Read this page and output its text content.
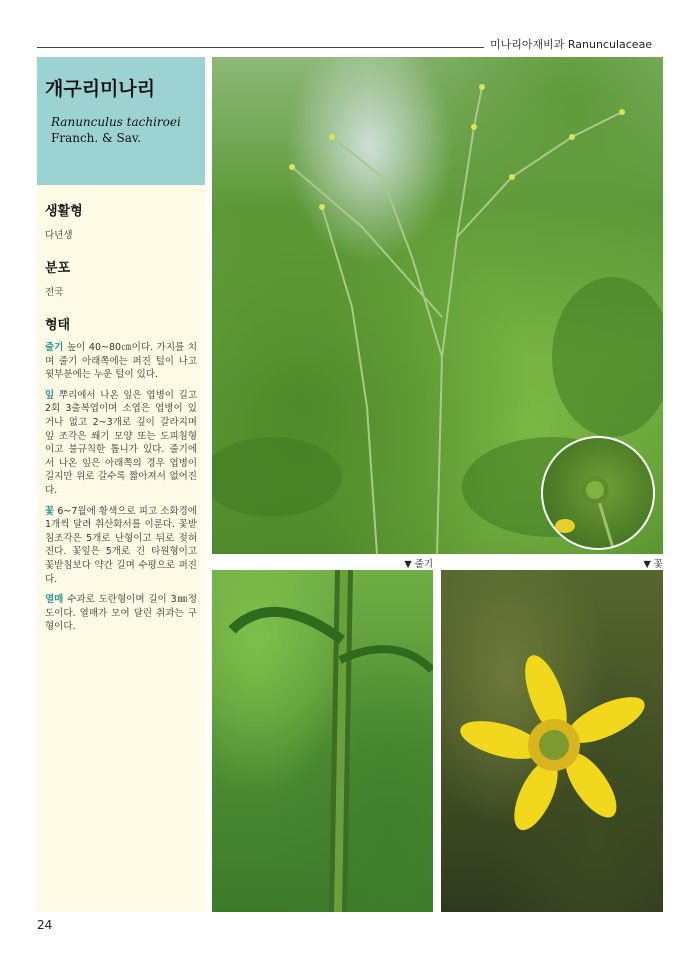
미나리아재비과 Ranunculaceae
개구리미나리
Ranunculus tachiroei
Franch. & Sav.
생활형

다년생

분포

전국

형태

줄기 높이 40~80㎝이다. 가지를 치며 줄기 아래쪽에는 퍼진 털이 나고 윗부분에는 누운 털이 있다.

잎 뿌리에서 나온 잎은 엽병이 길고 2회 3출복엽이며 소엽은 엽병이 있거나 없고 2~3개로 깊이 갈라지며 잎 조각은 쐐기 모양 또는 도피침형이고 불규칙한 톱니가 있다. 줄기에서 나온 잎은 아래쪽의 경우 엽병이 길지만 위로 갈수록 짧아져서 없어진다.

꽃 6~7월에 황색으로 피고 소화경에 1개씩 달려 취산화서를 이룬다. 꽃받침조각은 5개로 난형이고 뒤로 젖혀진다. 꽃잎은 5개로 긴 타원형이고 꽃받침보다 약간 길며 수평으로 퍼진다.

열매 수과로 도란형이며 길이 3㎜정도이다. 열매가 모여 달린 취과는 구형이다.

▼ 줄기	▼ 꽃
24
